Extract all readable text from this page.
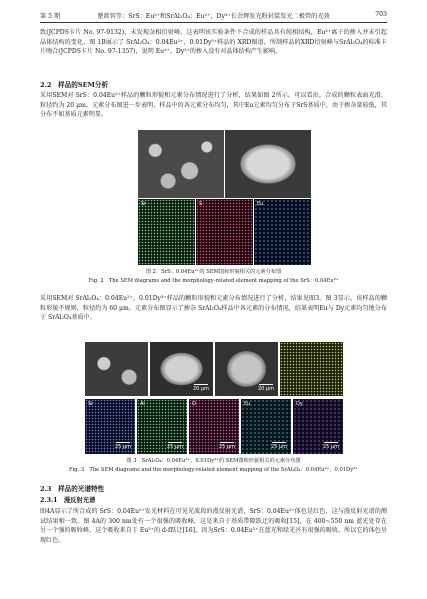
第 5 期	楚歆智等：SrS：Eu²⁺和SrAl₂O₄：Eu²⁺，Dy³⁺长余辉发光粉封装发光二极管的光效	703

致(JCPDS卡片 No. 97-9132)，未发现杂相衍射峰。这表明该实验条件下合成的样品具有纯相结构，Eu²⁺离子的掺入并未引起晶体结构的变化。图 1B展示了 SrAl₂O₄：0.04Eu²⁺，0.01Dy³⁺样品的 XRD图谱，所制样品的XRD衍射峰与SrAl₂O₄的标准卡片吻合(JCPDS卡片 No. 97-1357)，说明 Eu²⁺、Dy³⁺的掺入没有对晶体结构产生影响。

2.2　样品的SEM分析

采用SEM对 SrS：0.04Eu²⁺样品的颗粒形貌和元素分布情况进行了分析，结果如图 2所示。可以看出，合成的颗粒表面光滑，粒径约为 20 μm。元素分布图进一步表明，样品中的各元素分布均匀，其中Eu元素均匀分布于SrS基质中，由于掺杂量较低，其分布不如基质元素明显。

Sr	S	Eu

图 2　SrS：0.04Eu²⁺的 SEM图和形貌相关的元素分布图

Fig. 2　The SEM diagrams and the morphology-related element mapping of the SrS：0.04Eu²⁺

采用SEM对 SrAl₂O₄：0.04Eu²⁺，0.01Dy³⁺样品的颗粒形貌和元素分布情况进行了分析，结果见图3。图 3显示，该样品的颗粒形貌不规则，粒径约为 60 μm。元素分布图显示了掺杂 SrAl₂O₄样品中各元素的分布情况，结果表明Eu与 Dy元素均匀地分布于 SrAl₂O₄基质中。

20 μm	20 μm
Sr
25 μm
Al
25 μm
O
25 μm
Eu
25 μm
Dy
25 μm

图 3　SrAl₂O₄：0.04Eu²⁺，0.01Dy³⁺的 SEM图和形貌相关的元素分布图

Fig. 3　The SEM diagrams and the morphology-related element mapping of the SrAl₂O₄：0.04Eu²⁺，0.01Dy³⁺

2.3　样品的光谱特性

2.3.1　漫反射光谱

图4A显示了所合成的 SrS：0.04Eu²⁺发光材料在可见光波段的漫反射光谱，SrS：0.04Eu²⁺体色是红色，这与漫反射光谱的测试结果相一致。图 4A的 300 nm处有一个很强的吸收峰，这是来自于基质带隙跃迁的吸收[15]，在 400~550 nm 蓝光处存在另一个强的吸收峰，这个吸收来自于 Eu²⁺的 d-f跃迁[16]，因为SrS：0.04Eu²⁺在蓝光和绿光区有很强的吸收，所以它的体色呈现红色。
